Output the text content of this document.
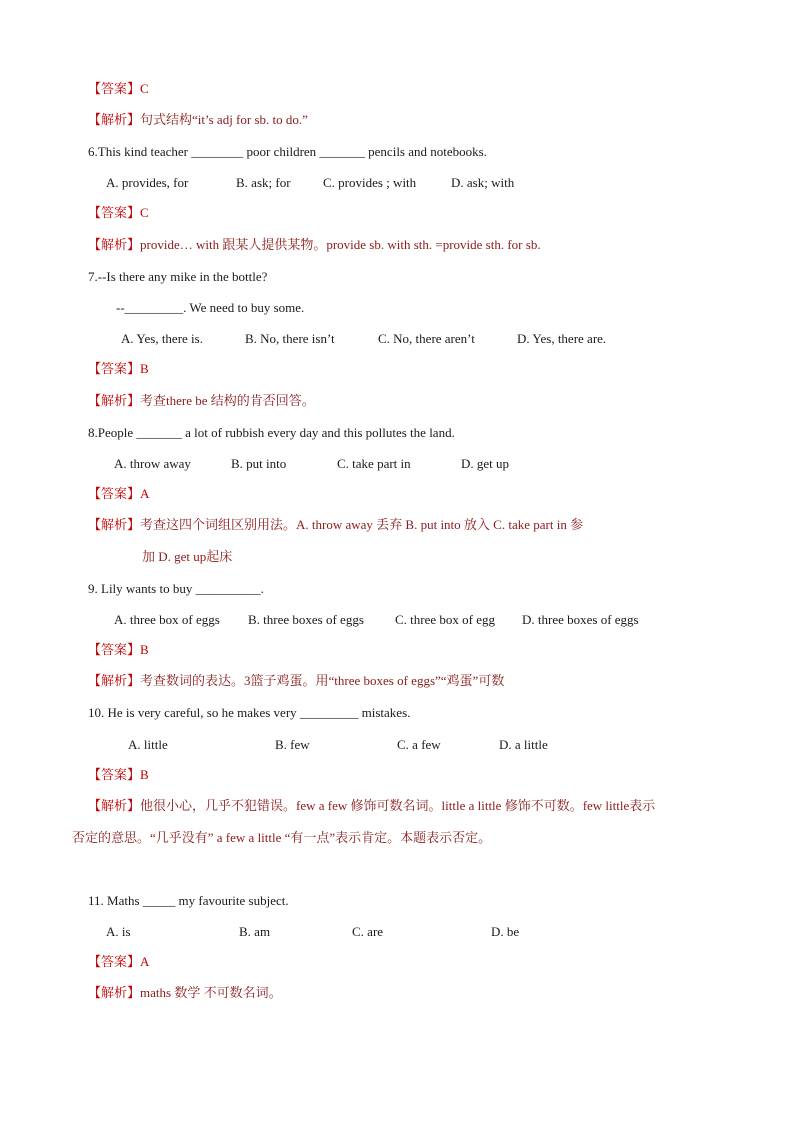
【答案】C
【解析】句式结构“it’s adj for sb. to do.”
6.This kind teacher ________ poor children _______ pencils and notebooks.
A. provides, for	B. ask; for C. provides ; with	D. ask; with
【答案】C
【解析】provide… with 跟某人提供某物。provide sb. with sth. =provide sth. for sb.
7.--Is there any mike in the bottle?
--_________. We need to buy some.
A. Yes, there is.	B. No, there isn’t	C. No, there aren’t	D. Yes, there are.
【答案】B
【解析】考查there be 结构的肯否回答。
8.People _______ a lot of rubbish every day and this pollutes the land.
A. throw away	B. put into	C. take part in	D. get up
【答案】A
【解析】考查这四个词组区别用法。A. throw away 丢弃 B. put into 放入 C. take part in 参
加 D. get up起床
9. Lily wants to buy __________.
A. three box of eggs B. three boxes of eggs C. three box of egg D. three boxes of eggs
【答案】B
【解析】考查数词的表达。3篮子鸡蛋。用“three boxes of eggs”“鸡蛋”可数
10. He is very careful, so he makes very _________ mistakes.
A. little	B. few	C. a few	D. a little
【答案】B
【解析】他很小心，几乎不犯错误。few a few 修饰可数名词。little a little 修饰不可数。few little表示
否定的意思。“几乎没有” a few a little “有一点”表示肯定。本题表示否定。
11. Maths _____ my favourite subject.
A. is	B. am	C. are	D. be
【答案】A
【解析】maths 数学 不可数名词。
